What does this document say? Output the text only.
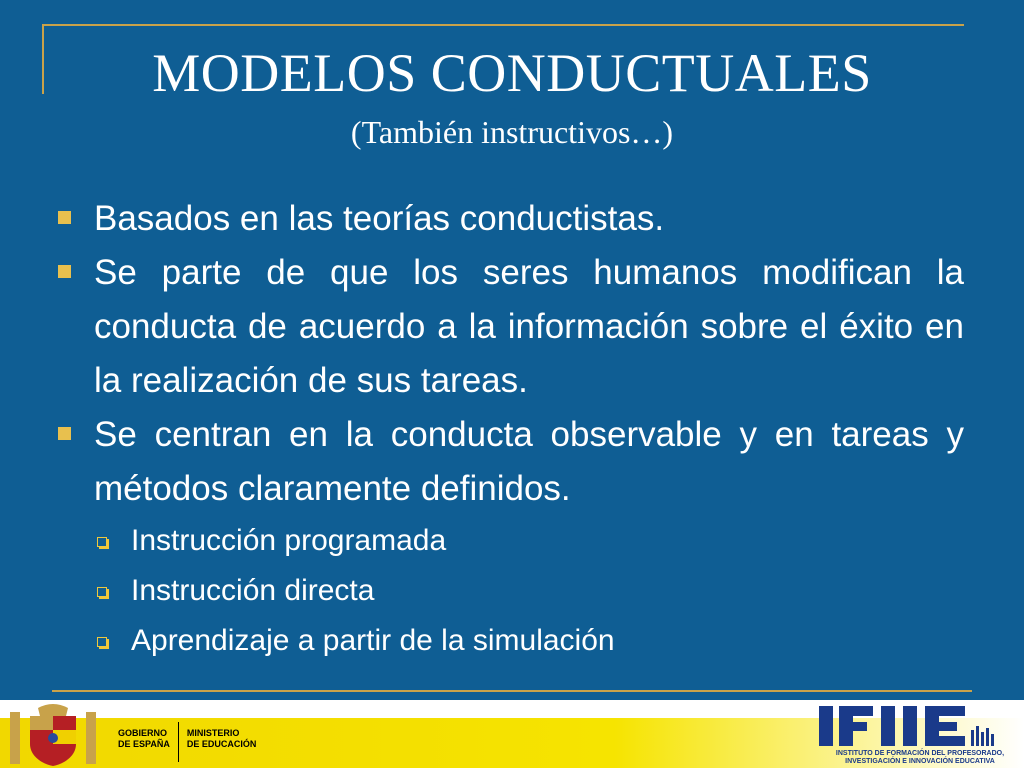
MODELOS CONDUCTUALES
(También instructivos…)
Basados en las teorías conductistas.
Se parte de que los seres humanos modifican la conducta de acuerdo a la información sobre el éxito en la realización de sus tareas.
Se centran en la conducta observable y en tareas y métodos claramente definidos.
Instrucción programada
Instrucción directa
Aprendizaje a partir de la simulación
GOBIERNO
DE ESPAÑA
MINISTERIO
DE EDUCACIÓN
IFIIE
INSTITUTO DE FORMACIÓN DEL PROFESORADO, INVESTIGACIÓN E INNOVACIÓN EDUCATIVA
